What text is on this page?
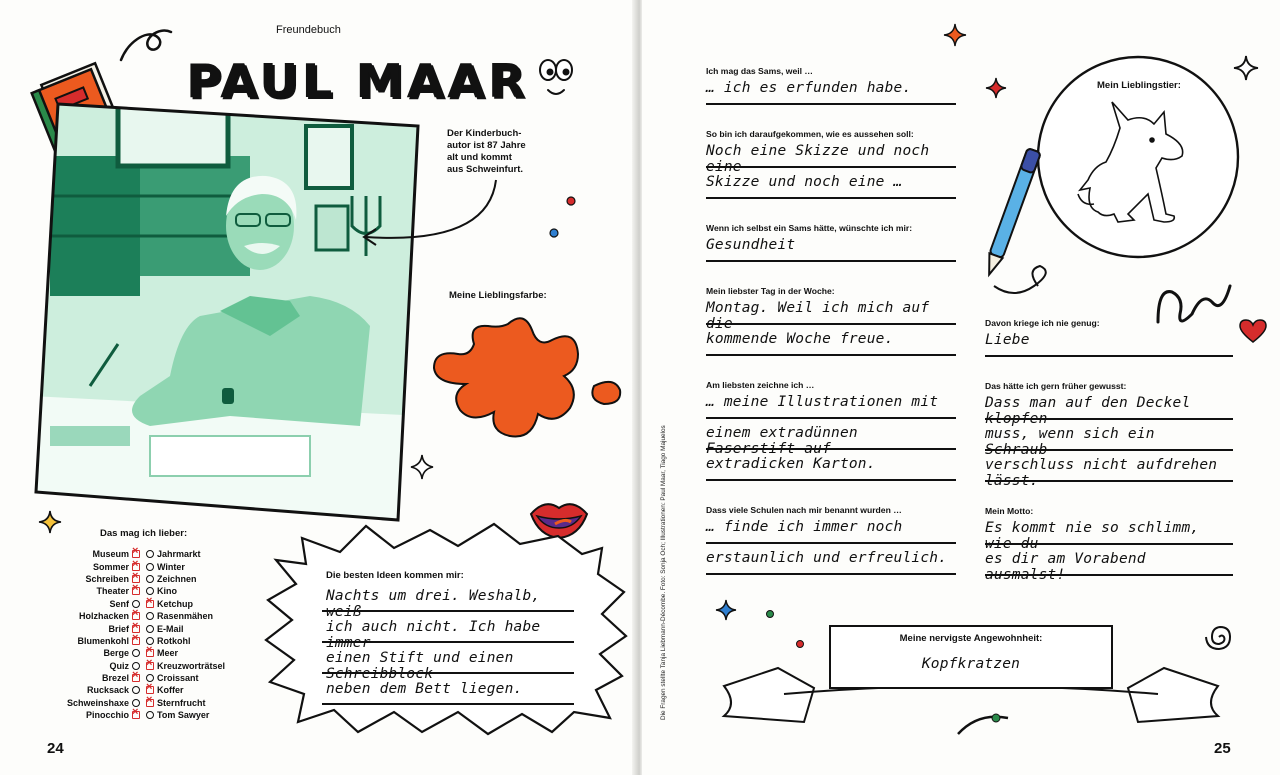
Freundebuch
PAUL MAAR
Der Kinderbuch-
autor ist 87 Jahre
alt und kommt
aus Schweinfurt.
Meine Lieblingsfarbe:
Das mag ich lieber:
Museum ×	Jahrmarkt
Sommer ×	Winter
Schreiben ×	Zeichnen
Theater ×	Kino
Senf ×	Ketchup
Holzhacken ×	Rasenmähen
Brief ×	E-Mail
Blumenkohl ×	Rotkohl
Berge ×	Meer
Quiz ×	Kreuzworträtsel
Brezel ×	Croissant
Rucksack ×	Koffer
Schweinshaxe ×	Sternfrucht
Pinocchio ×	Tom Sawyer
Die besten Ideen kommen mir:
Nachts um drei. Weshalb, weiß
ich auch nicht. Ich habe immer
einen Stift und einen Schreibblock
neben dem Bett liegen.
24
Ich mag das Sams, weil …
… ich es erfunden habe.
So bin ich daraufgekommen, wie es aussehen soll:
Noch eine Skizze und noch eine
Skizze und noch eine …
Wenn ich selbst ein Sams hätte, wünschte ich mir:
Gesundheit
Mein liebster Tag in der Woche:
Montag. Weil ich mich auf die
kommende Woche freue.
Am liebsten zeichne ich …
… meine Illustrationen mit
einem extradünnen Faserstift auf
extradicken Karton.
Dass viele Schulen nach mir benannt wurden …
… finde ich immer noch
erstaunlich und erfreulich.
Davon kriege ich nie genug:
Liebe
Das hätte ich gern früher gewusst:
Dass man auf den Deckel klopfen
muss, wenn sich ein Schraub-
verschluss nicht aufdrehen lässt.
Mein Motto:
Es kommt nie so schlimm, wie du
es dir am Vorabend ausmalst!
Mein Lieblingstier:
Meine nervigste Angewohnheit:
Kopfkratzen
25
Die Fragen stellte Tanja Liebmann-Décombe. Foto: Sonja Och; Illustrationen: Paul Maar, Tiago Majuelos
